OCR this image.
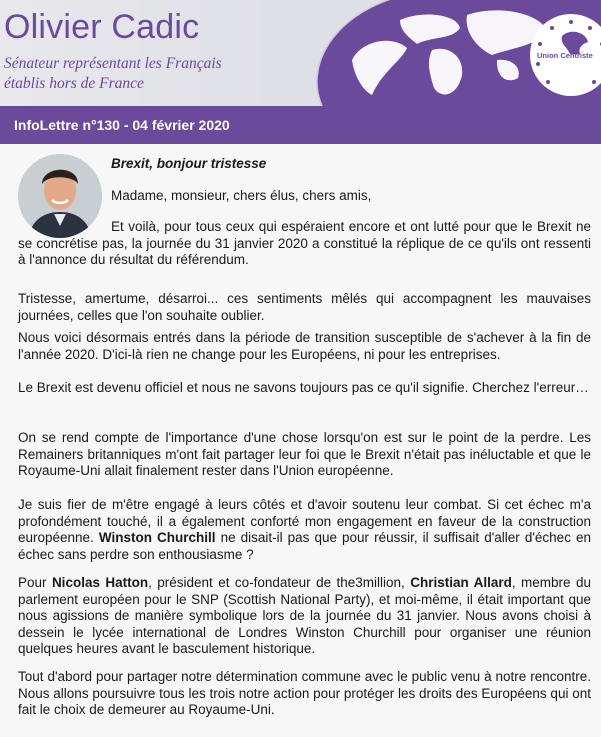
Olivier Cadic
Sénateur représentant les Français
établis hors de France
Union Centriste
InfoLettre n°130 - 04 février 2020
Brexit, bonjour tristesse
Madame, monsieur, chers élus, chers amis,

Et voilà, pour tous ceux qui espéraient encore et ont lutté pour que le Brexit ne se concrétise pas, la journée du 31 janvier 2020 a constitué la réplique de ce qu'ils ont ressenti à l'annonce du résultat du référendum.

Tristesse, amertume, désarroi... ces sentiments mêlés qui accompagnent les mauvaises journées, celles que l'on souhaite oublier.

Nous voici désormais entrés dans la période de transition susceptible de s'achever à la fin de l'année 2020. D'ici-là rien ne change pour les Européens, ni pour les entreprises.

Le Brexit est devenu officiel et nous ne savons toujours pas ce qu'il signifie. Cherchez l'erreur…

On se rend compte de l'importance d'une chose lorsqu'on est sur le point de la perdre. Les Remainers britanniques m'ont fait partager leur foi que le Brexit n'était pas inéluctable et que le Royaume-Uni allait finalement rester dans l'Union européenne.

Je suis fier de m'être engagé à leurs côtés et d'avoir soutenu leur combat. Si cet échec m'a profondément touché, il a également conforté mon engagement en faveur de la construction européenne. Winston Churchill ne disait-il pas que pour réussir, il suffisait d'aller d'échec en échec sans perdre son enthousiasme ?

Pour Nicolas Hatton, président et co-fondateur de the3million, Christian Allard, membre du parlement européen pour le SNP (Scottish National Party), et moi-même, il était important que nous agissions de manière symbolique lors de la journée du 31 janvier. Nous avons choisi à dessein le lycée international de Londres Winston Churchill pour organiser une réunion quelques heures avant le basculement historique.

Tout d'abord pour partager notre détermination commune avec le public venu à notre rencontre. Nous allons poursuivre tous les trois notre action pour protéger les droits des Européens qui ont fait le choix de demeurer au Royaume-Uni.
